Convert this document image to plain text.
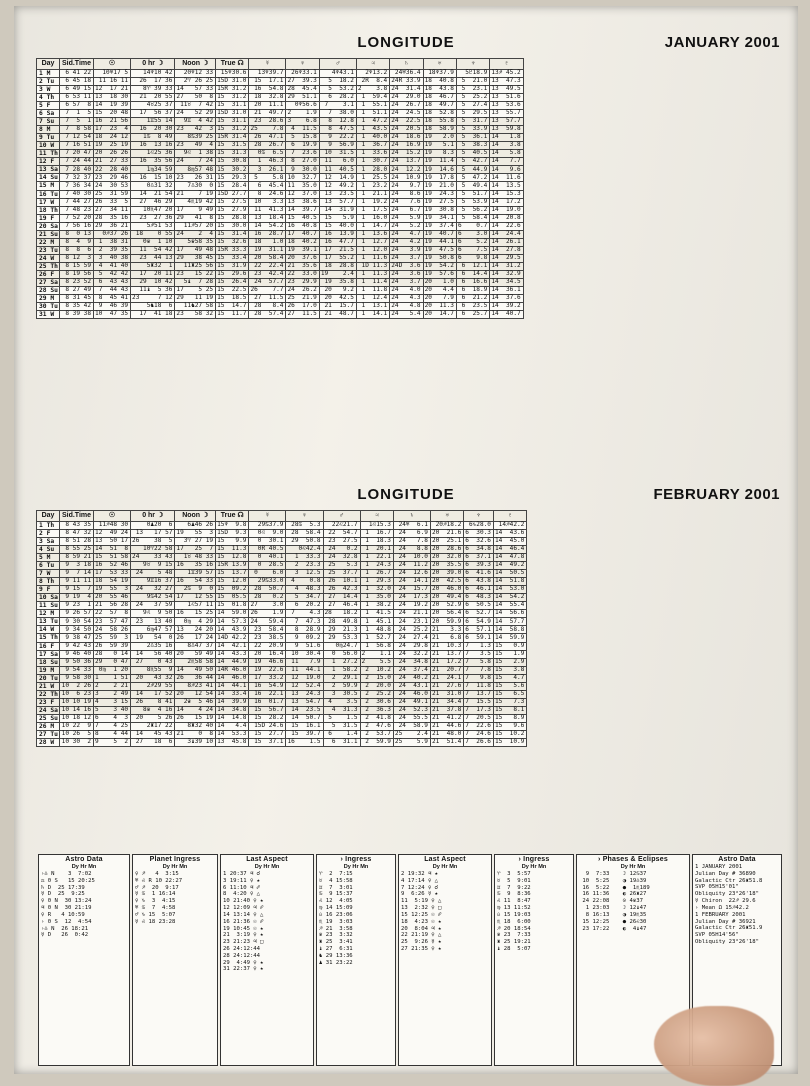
LONGITUDE	JANUARY 2001
Day	Sid.Time	☉	0 hr ☽	Noon ☽	True ☊	☿	♀	♂	♃	♄	♅	♆	♇
1 M	6 41 22	10♅17 5	14♆10 42	20♆12 33	15♆30.6	13♆39.7	26♆33.1	4♆43.1	2♆13.2	24♅36.4	18♆37.9	5♇18.9	13♐ 45.2
2 Tu	6 45 18	11 16 11	26  17 36	2♈ 26 25	15D 31.0	15  17.1	27  39.3	5  18.2	2R  8.4	24R 33.9	18  40.8	5  21.0	13  47.3
3 W	6 49 15	12  17 21	8♈ 39 33	14   57 33	15R 31.2	16  54.8	28  45.4	5  53.2	2    3.8	24  31.4	18  43.8	5  23.1	13  49.5
4 Th	6 53 11	13  18 30	21  20 55	27   50  8	15  31.2	18  32.8	29  51.1	6  28.2	1  59.4	24  29.0	18  46.7	5  25.2	13  51.6
5 F	6 57  8	14  19 39	4♉25 37	11♉  7 42	15  31.1	20  11.1	0♆56.6	7    3.1	1  55.1	24  26.7	18  49.7	5  27.4	13  53.6
6 Sa	7  1  5	15  20 48	17  56 37	24   52 29	15D 31.0	21  49.7	2    1.9	7  38.0	1  51.1	24  24.5	18  52.8	5  29.5	13  55.7
7 Su	7  5  1	16  21 56	1♊55 14	9♊  4 42	15  31.1	23  28.6	3    6.8	8  12.8	1  47.2	24  22.5	18  55.8	5  31.7	13  57.7
8 M	7  8 58	17  23  4	16  20 30	23   42  3	15  31.2	25    7.8	4  11.5	8  47.5	1  43.5	24  20.5	18  58.9	5  33.9	13  59.8
9 Tu	7 12 54	18  24 12	1♋  8 49	8♋39 25	15R 31.4	26  47.1	5  15.8	9  22.2	1  40.0	24  18.6	19   2.0	5  36.1	14   1.8
10 W	7 16 51	19  25 19	16  13 16	23   49  4	15  31.5	28  26.7	6  19.9	9  56.9	1  36.7	24  16.9	19   5.1	5  38.3	14   3.8
11 Th	7 20 47	20  26 26	1♌25 36	9♌  1 38	15  31.3	0♋  6.5	7  23.6	10  31.5	1  33.6	24  15.2	19   8.3	5  40.5	14   5.8
12 F	7 24 44	21  27 33	16  35 56	24    7 24	15  30.8	1  46.3	8  27.0	11   6.0	1  30.7	24  13.7	19  11.4	5  42.7	14   7.7
13 Sa	7 28 40	22  28 40	1♍34 59	8♍57 48	15  30.2	3  26.1	9  30.0	11  40.5	1  28.0	24  12.2	19  14.6	5  44.9	14   9.6
14 Su	7 32 37	23  29 46	16  15 10	23   26 31	15  29.3	5    5.8	10  32.7	12  14.9	1  25.5	24  10.9	19  17.8	5  47.2	14  11.6
15 M	7 36 34	24  30 53	0♎31 32	7♎30  0	15  28.4	6  45.4	11  35.0	12  49.2	1  23.2	24   9.7	19  21.0	5  49.4	14  13.5
16 Tu	7 40 30	25  31 59	14  21 54	21    7 19	15D 27.7	8  24.6	12  37.0	13  23.5	1  21.1	24   8.6	19  24.3	5  51.7	14  15.3
17 W	7 44 27	26  33  5	27  46 29	4♏19 42	15  27.5	10   3.3	13  38.6	13  57.7	1  19.2	24   7.6	19  27.5	5  53.9	14  17.2
18 Th	7 48 23	27  34 11	10♏47 20	17    9 49	15  27.9	11  41.3	14  39.7	14  31.9	1  17.5	24   6.7	19  30.8	5  56.2	14  19.0
19 F	7 52 20	28  35 16	23  27 36	29   41  8	15  28.8	13  18.4	15  40.5	15   5.9	1  16.0	24   5.9	19  34.1	5  58.4	14  20.8
20 Sa	7 56 16	29  36 21	5♐51 53	11♐57 20	15  30.0	14  54.2	16  40.8	15  40.0	1  14.7	24   5.2	19  37.4	6    0.7	14  22.6
21 Su	8  0 13	0♐37 26	18    0 55	24    2  4	15  31.4	16  28.7	17  40.7	16  13.9	1  13.6	24   4.7	19  40.7	6    3.0	14  24.4
22 M	8  4  9	1  38 31	0♛  1 10	5♛58 35	15  32.6	18   1.0	18  40.2	16  47.7	1  12.7	24   4.2	19  44.1	6    5.2	14  26.1
23 Tu	8  8  6	2  39 35	11  54 42	17   49 48	15R 33.3	19  31.1	19  39.1	17  21.5	1  12.0	24   3.9	19  47.5	6    7.5	14  27.8
24 W	8 12  3	3  40 38	23  44 13	29   38 45	15  33.4	20  58.4	20  37.6	17  55.2	1  11.6	24   3.7	19  50.8	6    9.8	14  29.5
25 Th	8 15 59	4  41 40	5♜32  1	11♜25 56	15  31.9	22  22.4	21  35.6	18  28.8	1D 11.3	24D  3.6	19  54.2	6  12.1	14  31.2
26 F	8 19 56	5  42 42	17  20 11	23   15 22	15  29.6	23  42.4	22  33.0	19    2.4	1  11.3	24   3.6	19  57.6	6  14.4	14  32.9
27 Sa	8 23 52	6  43 43	29  10 42	5♝  7 28	15  26.4	24  57.7	23  29.9	19  35.8	1  11.4	24   3.7	20   1.0	6  16.6	14  34.5
28 Su	8 27 49	7  44 43	11♝  5 36	17    5 25	15  22.5	26    7.7	24  26.2	20   9.2	1  11.8	24   4.0	20   4.4	6  18.9	14  36.1
29 M	8 31 45	8  45 41	23     7 12	29   11 19	15  18.5	27  11.5	25  21.9	20  42.5	1  12.4	24   4.3	20   7.9	6  21.2	14  37.6
30 Tu	8 35 42	9  46 39	5♞18  6	11♞27 58	15  14.7	28   8.4	26  17.0	21  15.7	1  13.1	24   4.8	20  11.3	6  23.5	14  39.2
31 W	8 39 38	10  47 35	17  41 18	23   58 32	15  11.7	28  57.4	27  11.5	21  48.7	1  14.1	24   5.4	20  14.7	6  25.7	14  40.7
LONGITUDE	FEBRUARY 2001
Day	Sid.Time	☉	0 hr ☽	Noon ☽	True ☊	☿	♀	♂	♃	♄	♅	♆	♇
1 Th	8 43 35	11♐48 30	0♟20  6	6♟46 26	15♆  9.8	29♋37.9	28♋  5.3	22♌21.7	1♌15.3	24♅  6.1	20♐18.2	6♑28.0	14♐42.2
2 F	8 47 32	12  49 24	13   17 57	19   55  3	15D  9.3	0♌  9.0	28  58.4	22  54.7	1  16.7	24   6.9	20  21.6	6  30.3	14  43.6
3 Sa	8 51 28	13  50 17	26    38  5	3♈ 27 19	15   9.9	0  30.1	29  50.8	23  27.5	1  18.3	24   7.8	20  25.1	6  32.6	14  45.0
4 Su	8 55 25	14  51  8	10♈22 58	17   25  7	15  11.3	0R 40.5	0♌42.4	24   0.2	1  20.1	24   8.8	20  28.6	6  34.8	14  46.4
5 M	8 59 21	15  51 58	24    33 43	1♉ 48 33	15  12.8	0  40.1	1  33.3	24  32.8	1  22.1	24  10.0	20  32.0	6  37.1	14  47.8
6 Tu	9  3 18	16  52 46	9♉  9 15	16   35 16	15R 13.9	0  28.5	2  23.3	25   5.3	1  24.3	24  11.2	20  35.5	6  39.3	14  49.2
7 W	9  7 14	17  53 33	24    5 48	1♊39 57	15  13.7	0    6.0	3  12.5	25  37.7	1  26.7	24  12.6	20  39.0	6  41.6	14  50.5
8 Th	9 11 11	18  54 19	9♊16 37	16   54 33	15  12.0	29♋33.0	4    0.8	26  10.1	1  29.3	24  14.1	20  42.5	6  43.8	14  51.8
9 F	9 15  7	19  55  3	24   32 27	2♋  9  0	15  09.2	28  50.7	4  48.3	26  42.3	1  32.0	24  15.7	20  46.0	6  46.1	14  53.0
10 Sa	9 19  4	20  55 46	9♋42 54	17   12 55	15  05.5	28   0.2	5  34.7	27  14.4	1  35.0	24  17.3	20  49.4	6  48.3	14  54.2
11 Su	9 23  1	21  56 28	24   37 59	1♌57 11	15  01.8	27    3.0	6  20.2	27  46.4	1  38.2	24  19.2	20  52.9	6  50.5	14  55.4
12 M	9 26 57	22  57  8	9♌  9 50	16   15 25	14  59.0	26    1.9	7    4.3	28   18.2	1  41.5	24  21.1	20  56.4	6  52.7	14  56.6
13 Tu	9 30 54	23  57 47	23   13 40	0♍  4 29	14  57.3	24   59.4	7  47.3	28  49.8	1  45.1	24  23.1	20  59.9	6  54.9	14  57.7
14 W	9 34 50	24  58 26	6♍47 57	13   24 20	14  43.9	23  58.4	8  28.9	29  21.3	1  48.8	24  25.2	21   3.3	6  57.1	14  58.8
15 Th	9 38 47	25  59  3	19   54  0	26   17 24	14D 42.2	23  38.5	9  09.2	29  53.3	1  52.7	24  27.4	21   6.8	6  59.1	14  59.9
16 F	9 42 43	26  59 39	2♎35 16	8♎47 37	14  42.1	22  20.9	9  51.6	0♍24.7	1  56.8	24  29.8	21  10.3	7   1.3	15   0.9
17 Sa	9 46 40	28   0 14	14   56 40	20   59 49	14  43.3	20  16.4	10  30.4	0  56.0	2    1.1	24  32.2	21  13.7	7   3.5	15   1.9
18 Su	9 50 36	29   0 47	27    0 43	2♏58 58	14  44.9	19  46.6	11   7.9	1  27.2	2    5.5	24  34.8	21  17.2	7   5.8	15   2.9
19 M	9 54 33	0♍  1 20	8♏55  9	14   49 50	14R 46.0	19  22.6	11  44.1	1  58.2	2  10.2	24  37.4	21  20.7	7   7.8	15   3.8
20 Tu	9 58 30	1    1 51	20   43 32	26   36 44	14  46.0	17  33.2	12  19.0	2  29.1	2  15.0	24  40.2	21  24.1	7   9.8	15   4.7
21 W	10  2 26	2    2 21	2♐29 55	8♐23 41	14  44.1	16  54.9	12  52.4	2  59.9	2  20.0	24  43.1	21  27.6	7  11.8	15   5.6
22 Th	10  6 23	3    2 49	14   17 52	20   12 54	14  33.4	16  22.1	13  24.3	3  30.5	2  25.2	24  46.0	21  31.0	7  13.7	15   6.5
23 F	10 10 19	4    3 15	26    8 41	2♛  5 46	14  39.9	16  01.7	13  54.7	4    3.5	2  30.6	24  49.1	21  34.4	7  15.5	15   7.3
24 Sa	10 14 16	5    3 40	8♛  4 16	14    4 24	14  34.8	15  56.7	14  23.5	4  31.3	2  36.3	24  52.3	21  37.8	7  17.3	15   8.1
25 Su	10 18 12	6    4  3	20    5 26	26   15 19	14  14.8	15  28.2	14  50.7	5    1.5	2  41.8	24  55.5	21  41.2	7  20.5	15   8.9
26 M	10 22  9	7    4 25	2♜17 22	8♜32 40	14   4.4	15D 24.6	15  16.1	5  31.5	2  47.6	24  58.9	21  44.6	7  22.6	15   9.6
27 Tu	10 26  5	8    4 44	14   45 43	21    0  8	14  53.3	15  27.7	15  39.7	6    1.4	2  53.7	25    2.4	21  48.0	7  24.6	15  10.2
28 W	10 30  2	9    5  2	27   18  6	3♝39 10	13  45.8	15  37.1	16    1.5	6  31.1	2  59.9	25    5.9	21  51.4	7  26.6	15  10.9
Astro Data
Dy Hr Mn
›♎ N    3  7:02
⚖ 0 S   15 20:25
♄ D  25 17:39
☿ D  25  9:25
♀ 0 N  30 13:24
♃ 0 N  30 21:19
♀ R   4 10:59
› 0 S  12  4:54
›♎ N  26 18:21
☿ D   26  0:42
Planet Ingress
Dy Hr Mn
♀ ♐   4  3:15
♅ ♌ R 10 22:27
♂ ♐  20  9:17
☿ ♋  1 16:14
♀ ♑  3  4:15
♅ ♋  7  4:58
♂ ♑ 15  5:07
☿ ♌ 18 23:28
Last Aspect
Dy Hr Mn
1 20:37 ♃ ☌
3 19:11 ♀ ★
6 11:10 ♃ ☍
8  4:20 ♀ △
10 21:40 ♀ ★
12 12:09 ♃ ☍
14 13:14 ♀ △
16 21:36 ☉ ☍
19 10:45 ☉ ★
21  3:19 ♀ ★
23 21:23 ♃ □
26 24:12:44
28 24:12:44
29  4:49 ♀ ★
31 22:37 ♀ ★
› Ingress
Dy Hr Mn
♈  2  7:15
♉  4 15:58
♊  7  3:01
♋  9 15:37
♌ 12  4:05
♍ 14 15:09
♎ 16 23:06
♏ 19  3:03
♐ 21  3:58
♛ 23  3:32
♜ 25  3:41
♝ 27  6:31
♞ 29 13:36
♟ 31 23:22
Last Aspect
Dy Hr Mn
2 19:32 ♃ ★
4 17:14 ♀ △
7 12:24 ♀ ☌
9  6:26 ☿ ★
11  5:19 ♀ △
13  2:32 ♀ □
15 12:25 ☉ ☍
18  4:23 ☉ ★
20  8:04 ♃ ★
22 21:19 ♀ △
25  9:26 ☿ ★
27 21:35 ♀ ★
› Ingress
Dy Hr Mn
♈  3  5:57
♉  5  9:01
♊  7  9:22
♋  9  8:36
♌ 11  8:47
♍ 13 11:52
♎ 15 19:03
♏ 18  6:00
♐ 20 18:54
♛ 23  7:33
♜ 25 19:21
♝ 28  5:07
› Phases & Eclipses
Dy Hr Mn
9  7:33    ☽ 12♋37
10  5:25    ◑ 19♎39
16  5:22    ●  1♏189
16 11:36    ◐ 26♜27
24 22:08    ⊙ 4♛37
1 23:03    ☽ 12♝47
8 16:13    ◑ 19♏35
15 12:25    ● 26♌30
23 17:22    ◐  4♝47
Astro Data
1 JANUARY 2001
Julian Day # 36890
Galactic Ctr 26♜51.8
SVP 05H15'01"
Obliquity 23°26'18"
☿ Chiron  22♐ 29.6
› Mean Ω 15♐42.2
1 FEBRUARY 2001
Julian Day # 36921
Galactic Ctr 26♜51.9
SVP 05H14'56"
Obliquity 23°26'18"
